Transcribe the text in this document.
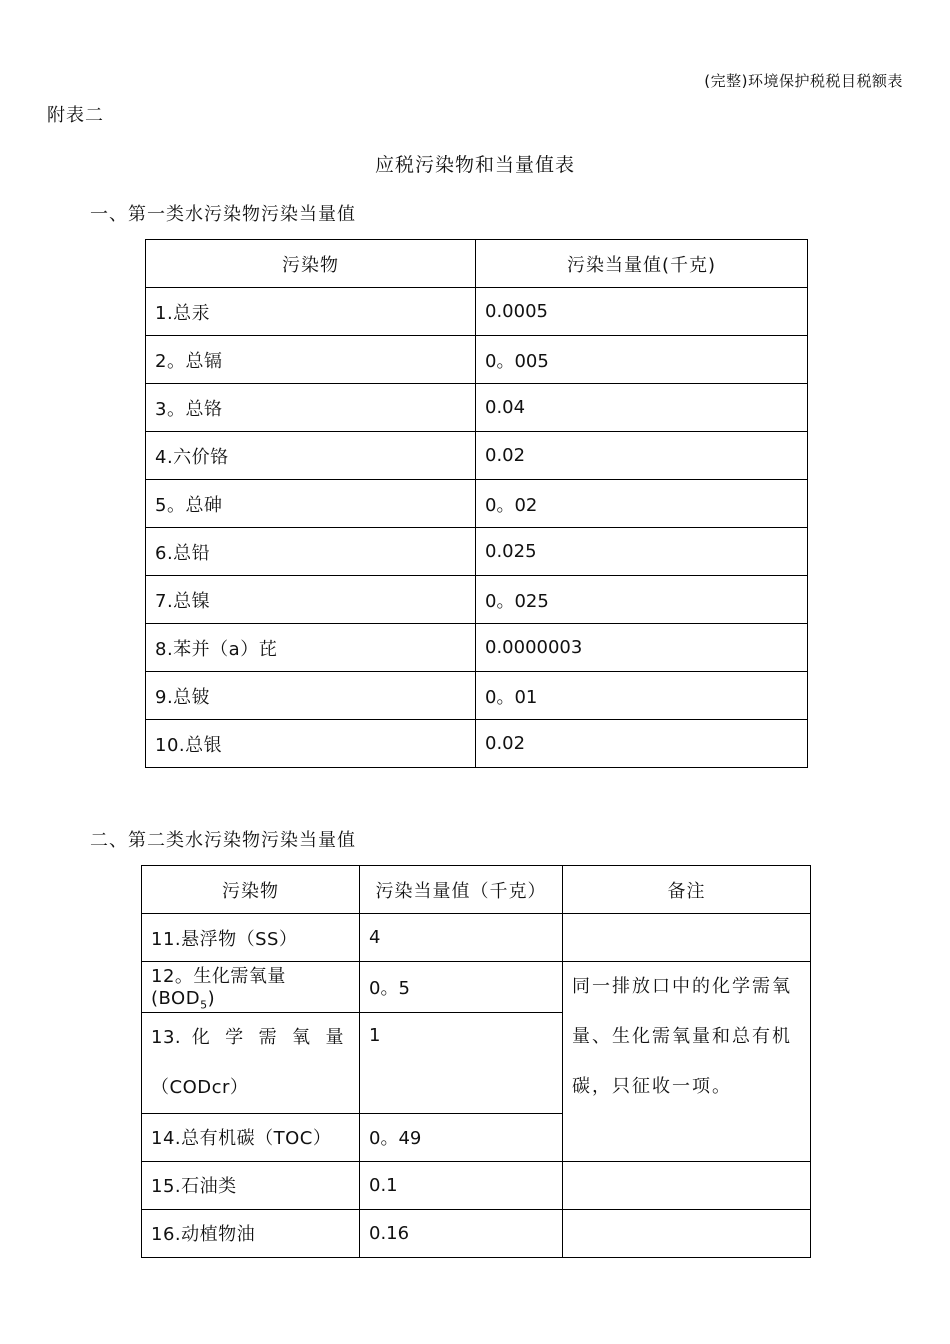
(完整)环境保护税税目税额表
附表二
应税污染物和当量值表
一、第一类水污染物污染当量值
污染物	污染当量值(千克)
1.总汞	0.0005
2。总镉	0。005
3。总铬	0.04
4.六价铬	0.02
5。总砷	0。02
6.总铅	0.025
7.总镍	0。025
8.苯并（a）芘	0.0000003
9.总铍	0。01
10.总银	0.02
二、第二类水污染物污染当量值
污染物	污染当量值（千克）	备注
11.悬浮物（SS）	4	
12。生化需氧量$(BOD_5)$	0。5	同一排放口中的化学需氧量、生化需氧量和总有机碳，只征收一项。

13. 化 学 需 氧 量
（CODcr）	1	
14.总有机碳（TOC）	0。49	
15.石油类	0.1	
16.动植物油	0.16	
